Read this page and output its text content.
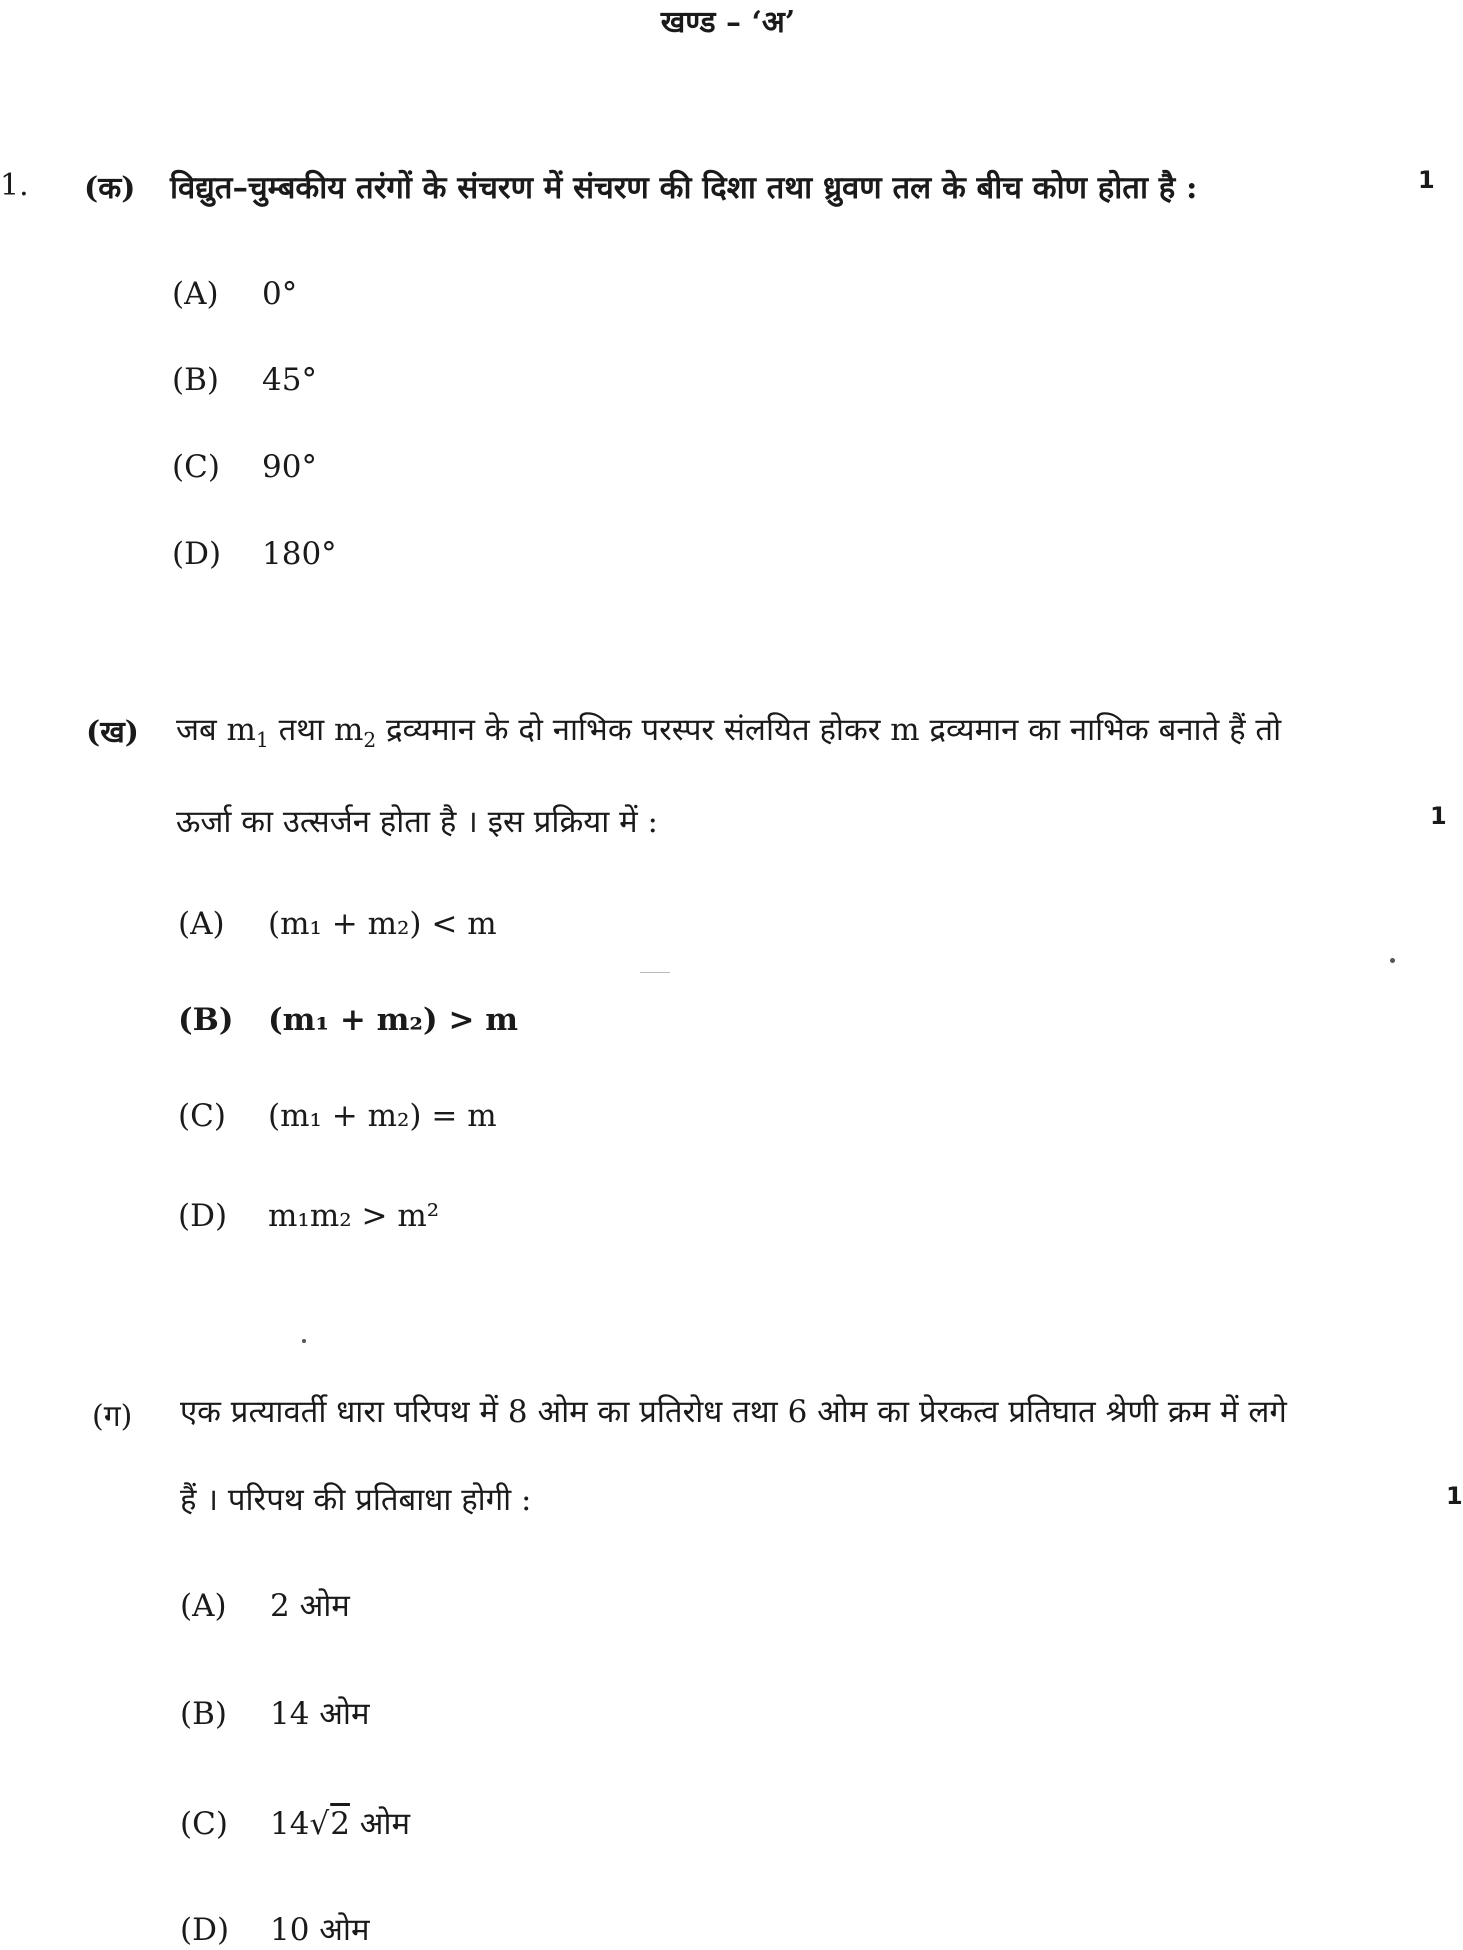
खण्ड – ‘अ’
1. (क) विद्युत–चुम्बकीय तरंगों के संचरण में संचरण की दिशा तथा ध्रुवण तल के बीच कोण होता है :	1
(A) 0°
(B) 45°
(C) 90°
(D) 180°
(ख) जब $m_1$ तथा $m_2$ द्रव्यमान के दो नाभिक परस्पर संलयित होकर m द्रव्यमान का नाभिक बनाते हैं तो
ऊर्जा का उत्सर्जन होता है । इस प्रक्रिया में :	1
(A) (m₁ + m₂) < m
(B) (m₁ + m₂) > m
(C) (m₁ + m₂) = m
(D) m₁m₂ > m²
(ग) एक प्रत्यावर्ती धारा परिपथ में 8 ओम का प्रतिरोध तथा 6 ओम का प्रेरकत्व प्रतिघात श्रेणी क्रम में लगे
हैं । परिपथ की प्रतिबाधा होगी :	1
(A) 2 ओम
(B) 14 ओम
(C) 14√2 ओम
(D) 10 ओम
